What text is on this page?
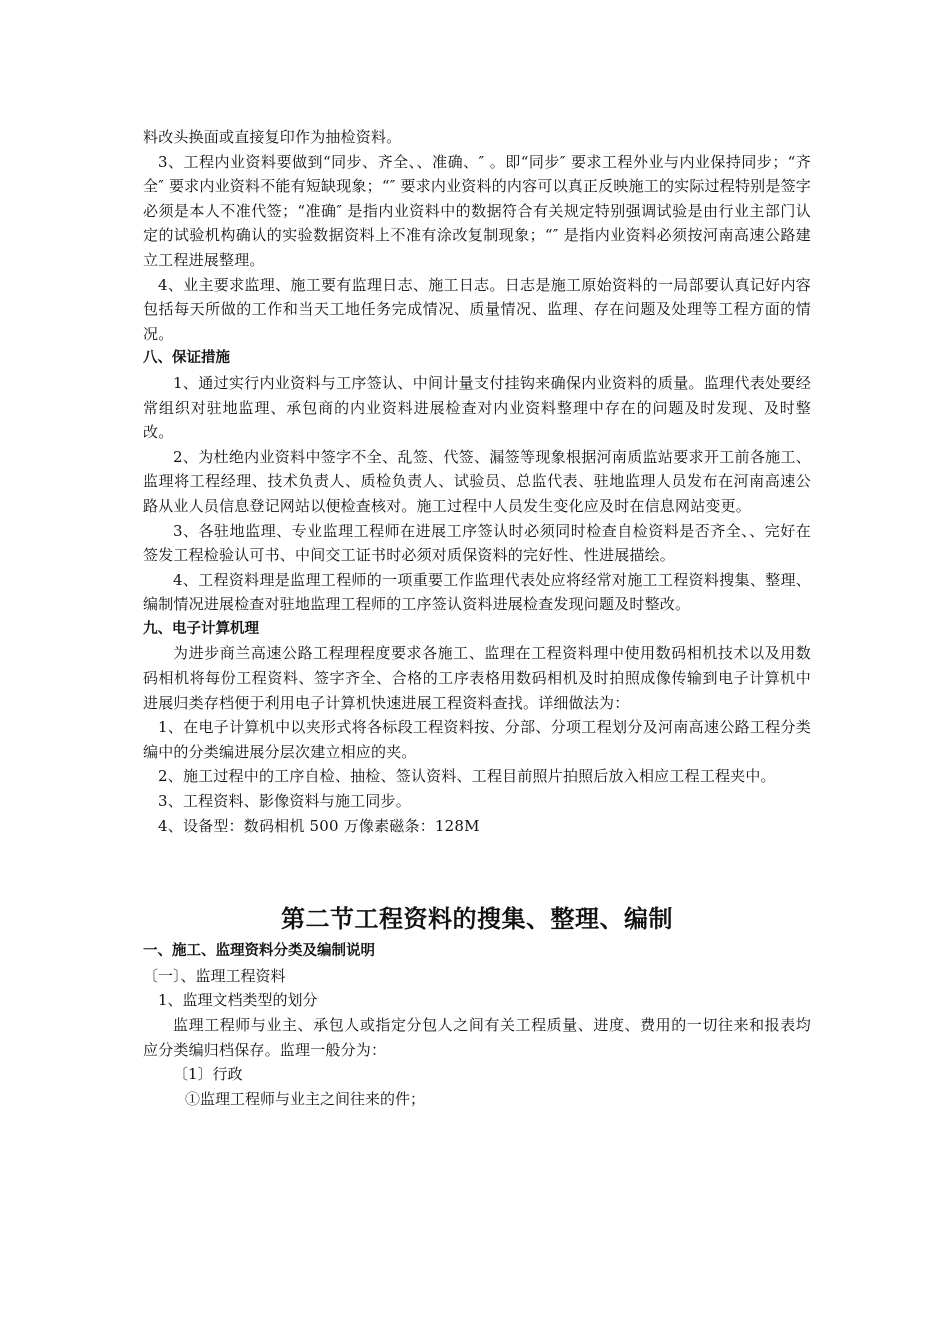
料改头换面或直接复印作为抽检资料。

3、工程内业资料要做到“同步、齐全、、准确、″ 。即“同步″ 要求工程外业与内业保持同步；“齐全″ 要求内业资料不能有短缺现象；“″ 要求内业资料的内容可以真正反映施工的实际过程特别是签字必须是本人不准代签；“准确″ 是指内业资料中的数据符合有关规定特别强调试验是由行业主部门认定的试验机构确认的实验数据资料上不准有涂改复制现象；“″ 是指内业资料必须按河南高速公路建立工程进展整理。

4、业主要求监理、施工要有监理日志、施工日志。日志是施工原始资料的一局部要认真记好内容包括每天所做的工作和当天工地任务完成情况、质量情况、监理、存在问题及处理等工程方面的情况。

八、保证措施

1、通过实行内业资料与工序签认、中间计量支付挂钩来确保内业资料的质量。监理代表处要经常组织对驻地监理、承包商的内业资料进展检查对内业资料整理中存在的问题及时发现、及时整改。

2、为杜绝内业资料中签字不全、乱签、代签、漏签等现象根据河南质监站要求开工前各施工、监理将工程经理、技术负责人、质检负责人、试验员、总监代表、驻地监理人员发布在河南高速公路从业人员信息登记网站以便检查核对。施工过程中人员发生变化应及时在信息网站变更。

3、各驻地监理、专业监理工程师在进展工序签认时必须同时检查自检资料是否齐全、、完好在签发工程检验认可书、中间交工证书时必须对质保资料的完好性、性进展描绘。

4、工程资料理是监理工程师的一项重要工作监理代表处应将经常对施工工程资料搜集、整理、编制情况进展检查对驻地监理工程师的工序签认资料进展检查发现问题及时整改。

九、电子计算机理

为进步商兰高速公路工程理程度要求各施工、监理在工程资料理中使用数码相机技术以及用数码相机将每份工程资料、签字齐全、合格的工序表格用数码相机及时拍照成像传输到电子计算机中进展归类存档便于利用电子计算机快速进展工程资料查找。详细做法为：

1、在电子计算机中以夹形式将各标段工程资料按、分部、分项工程划分及河南高速公路工程分类编中的分类编进展分层次建立相应的夹。

2、施工过程中的工序自检、抽检、签认资料、工程目前照片拍照后放入相应工程工程夹中。

3、工程资料、影像资料与施工同步。

4、设备型：数码相机 500 万像素磁条：128M

第二节工程资料的搜集、整理、编制

一、施工、监理资料分类及编制说明

〔一〕、监理工程资料

1、监理文档类型的划分

监理工程师与业主、承包人或指定分包人之间有关工程质量、进度、费用的一切往来和报表均应分类编归档保存。监理一般分为：

〔1〕行政

①监理工程师与业主之间往来的件；
